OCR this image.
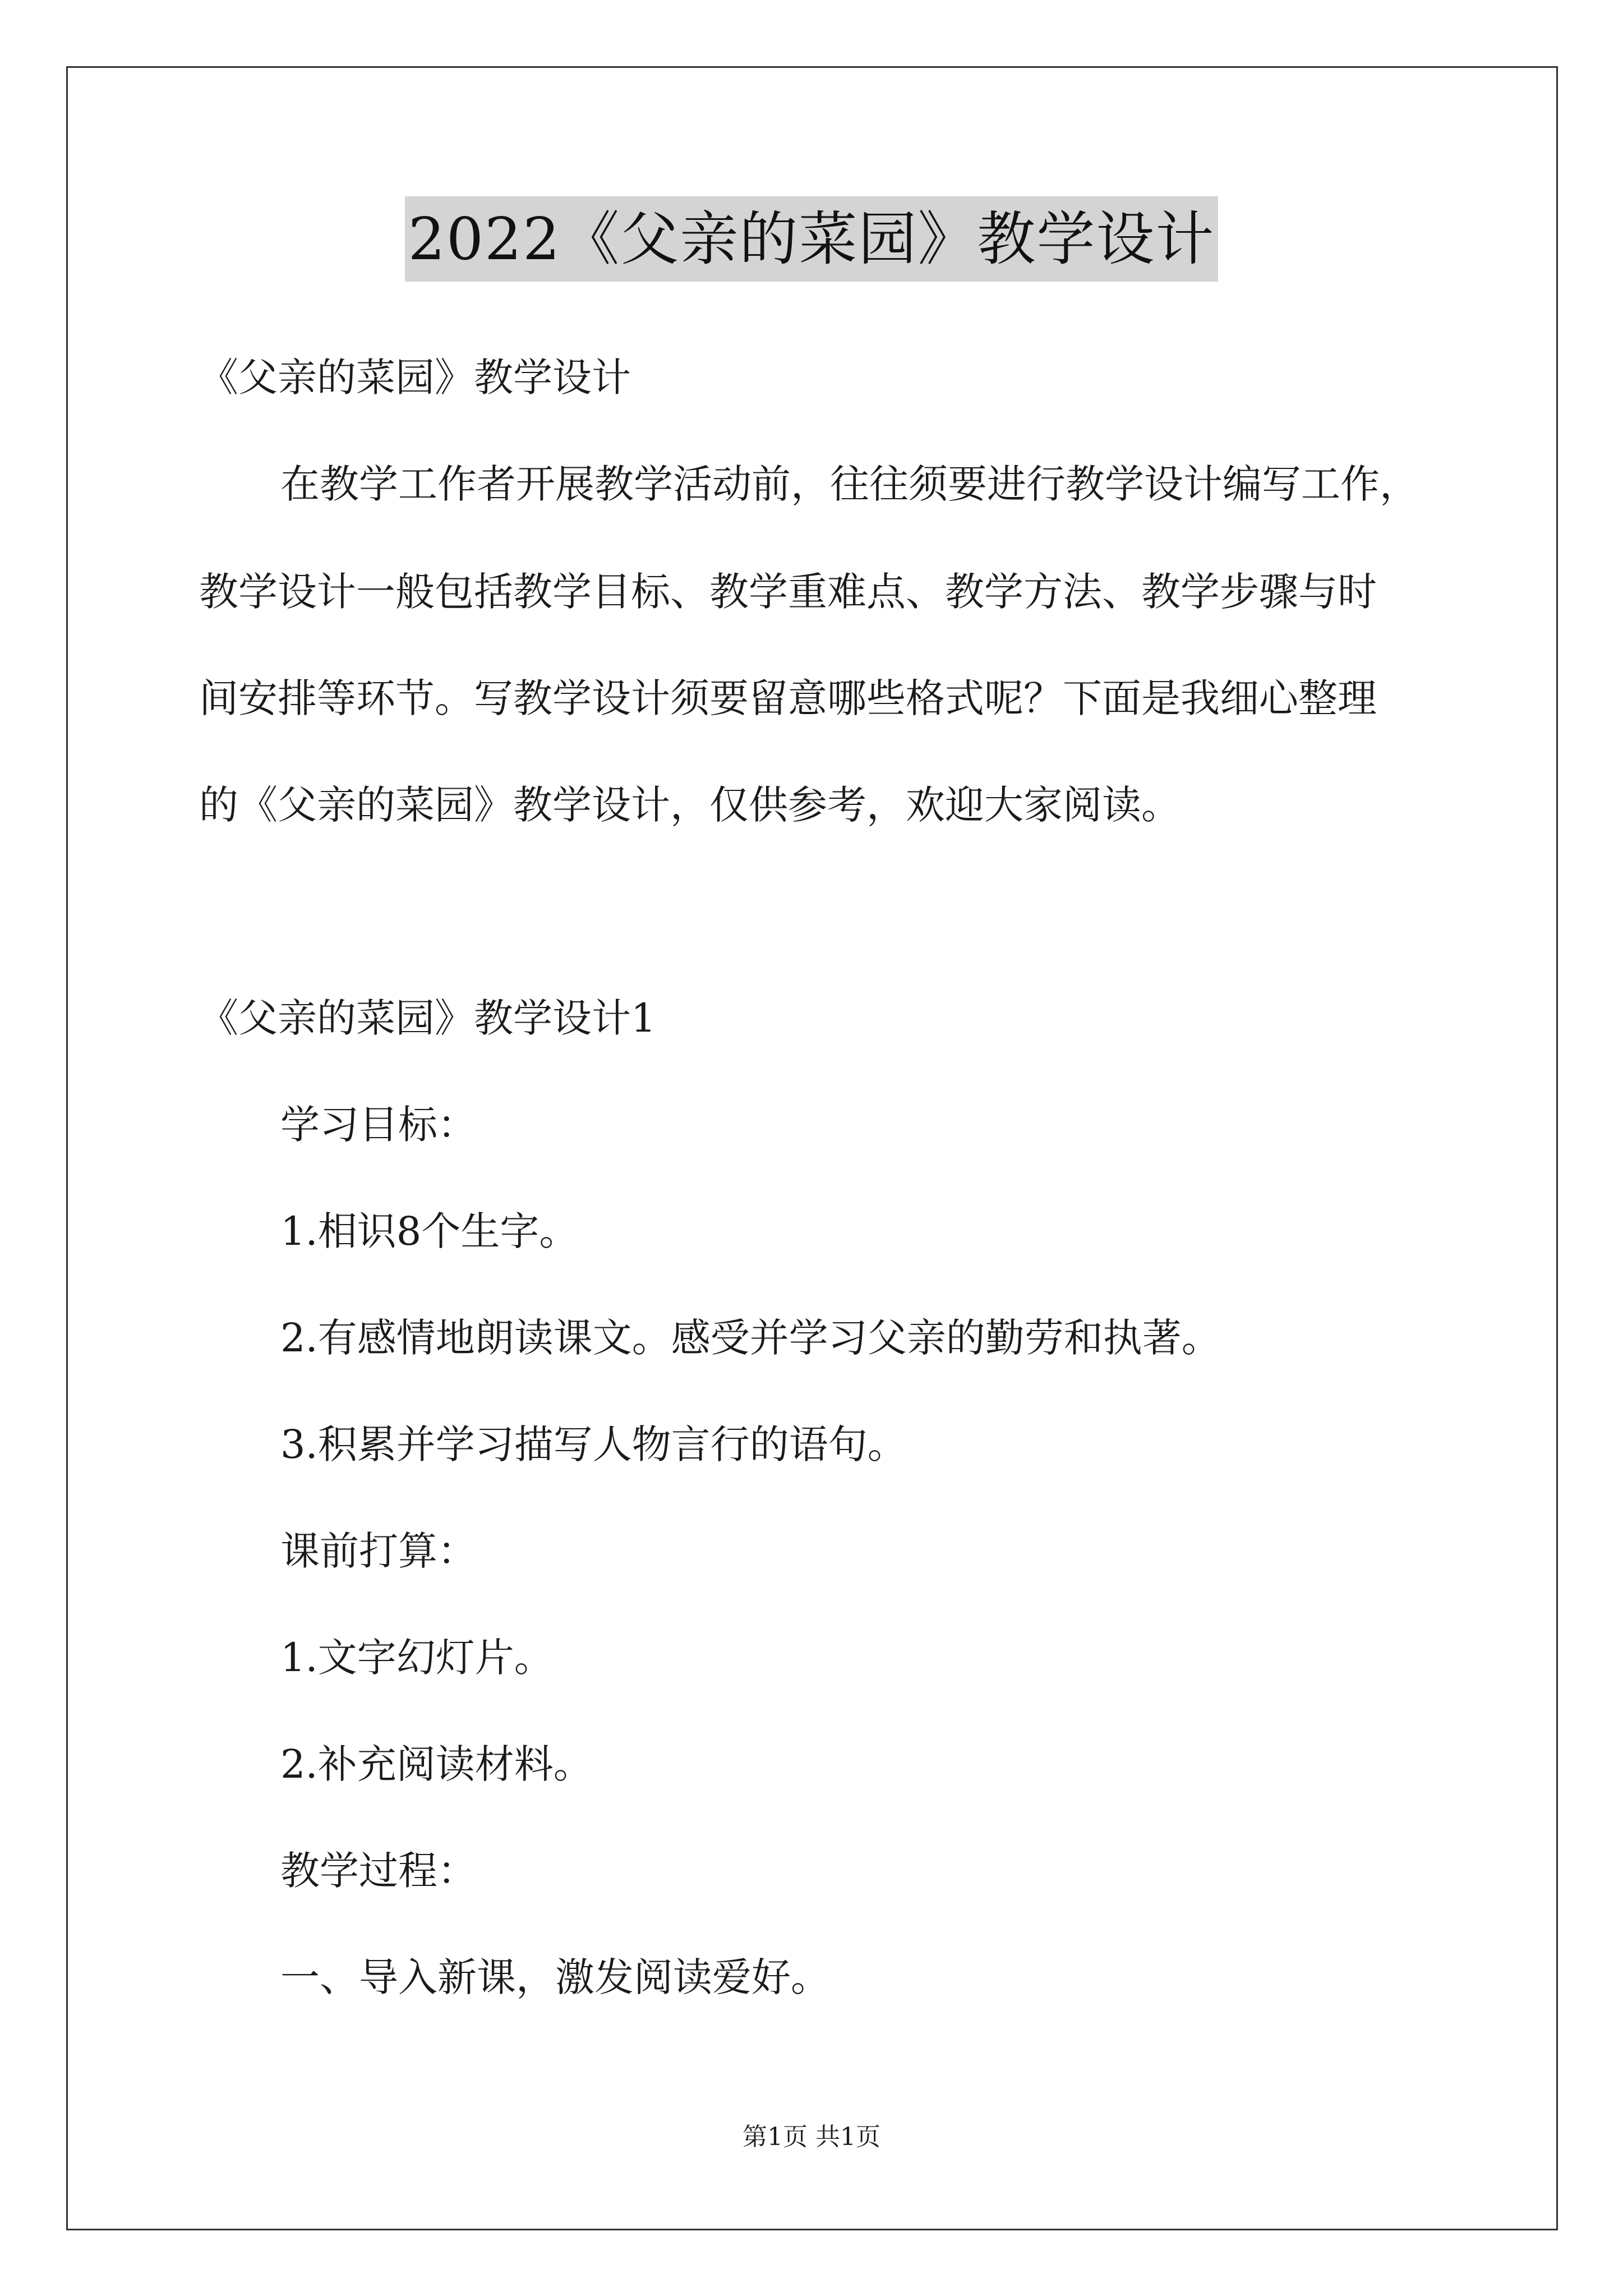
2022《父亲的菜园》教学设计
《父亲的菜园》教学设计
在教学工作者开展教学活动前，往往须要进行教学设计编写工作，
教学设计一般包括教学目标、教学重难点、教学方法、教学步骤与时
间安排等环节。写教学设计须要留意哪些格式呢？下面是我细心整理
的《父亲的菜园》教学设计，仅供参考，欢迎大家阅读。
《父亲的菜园》教学设计1
学习目标：
1.相识8个生字。
2.有感情地朗读课文。感受并学习父亲的勤劳和执著。
3.积累并学习描写人物言行的语句。
课前打算：
1.文字幻灯片。
2.补充阅读材料。
教学过程：
一、导入新课，激发阅读爱好。
第1页 共1页
